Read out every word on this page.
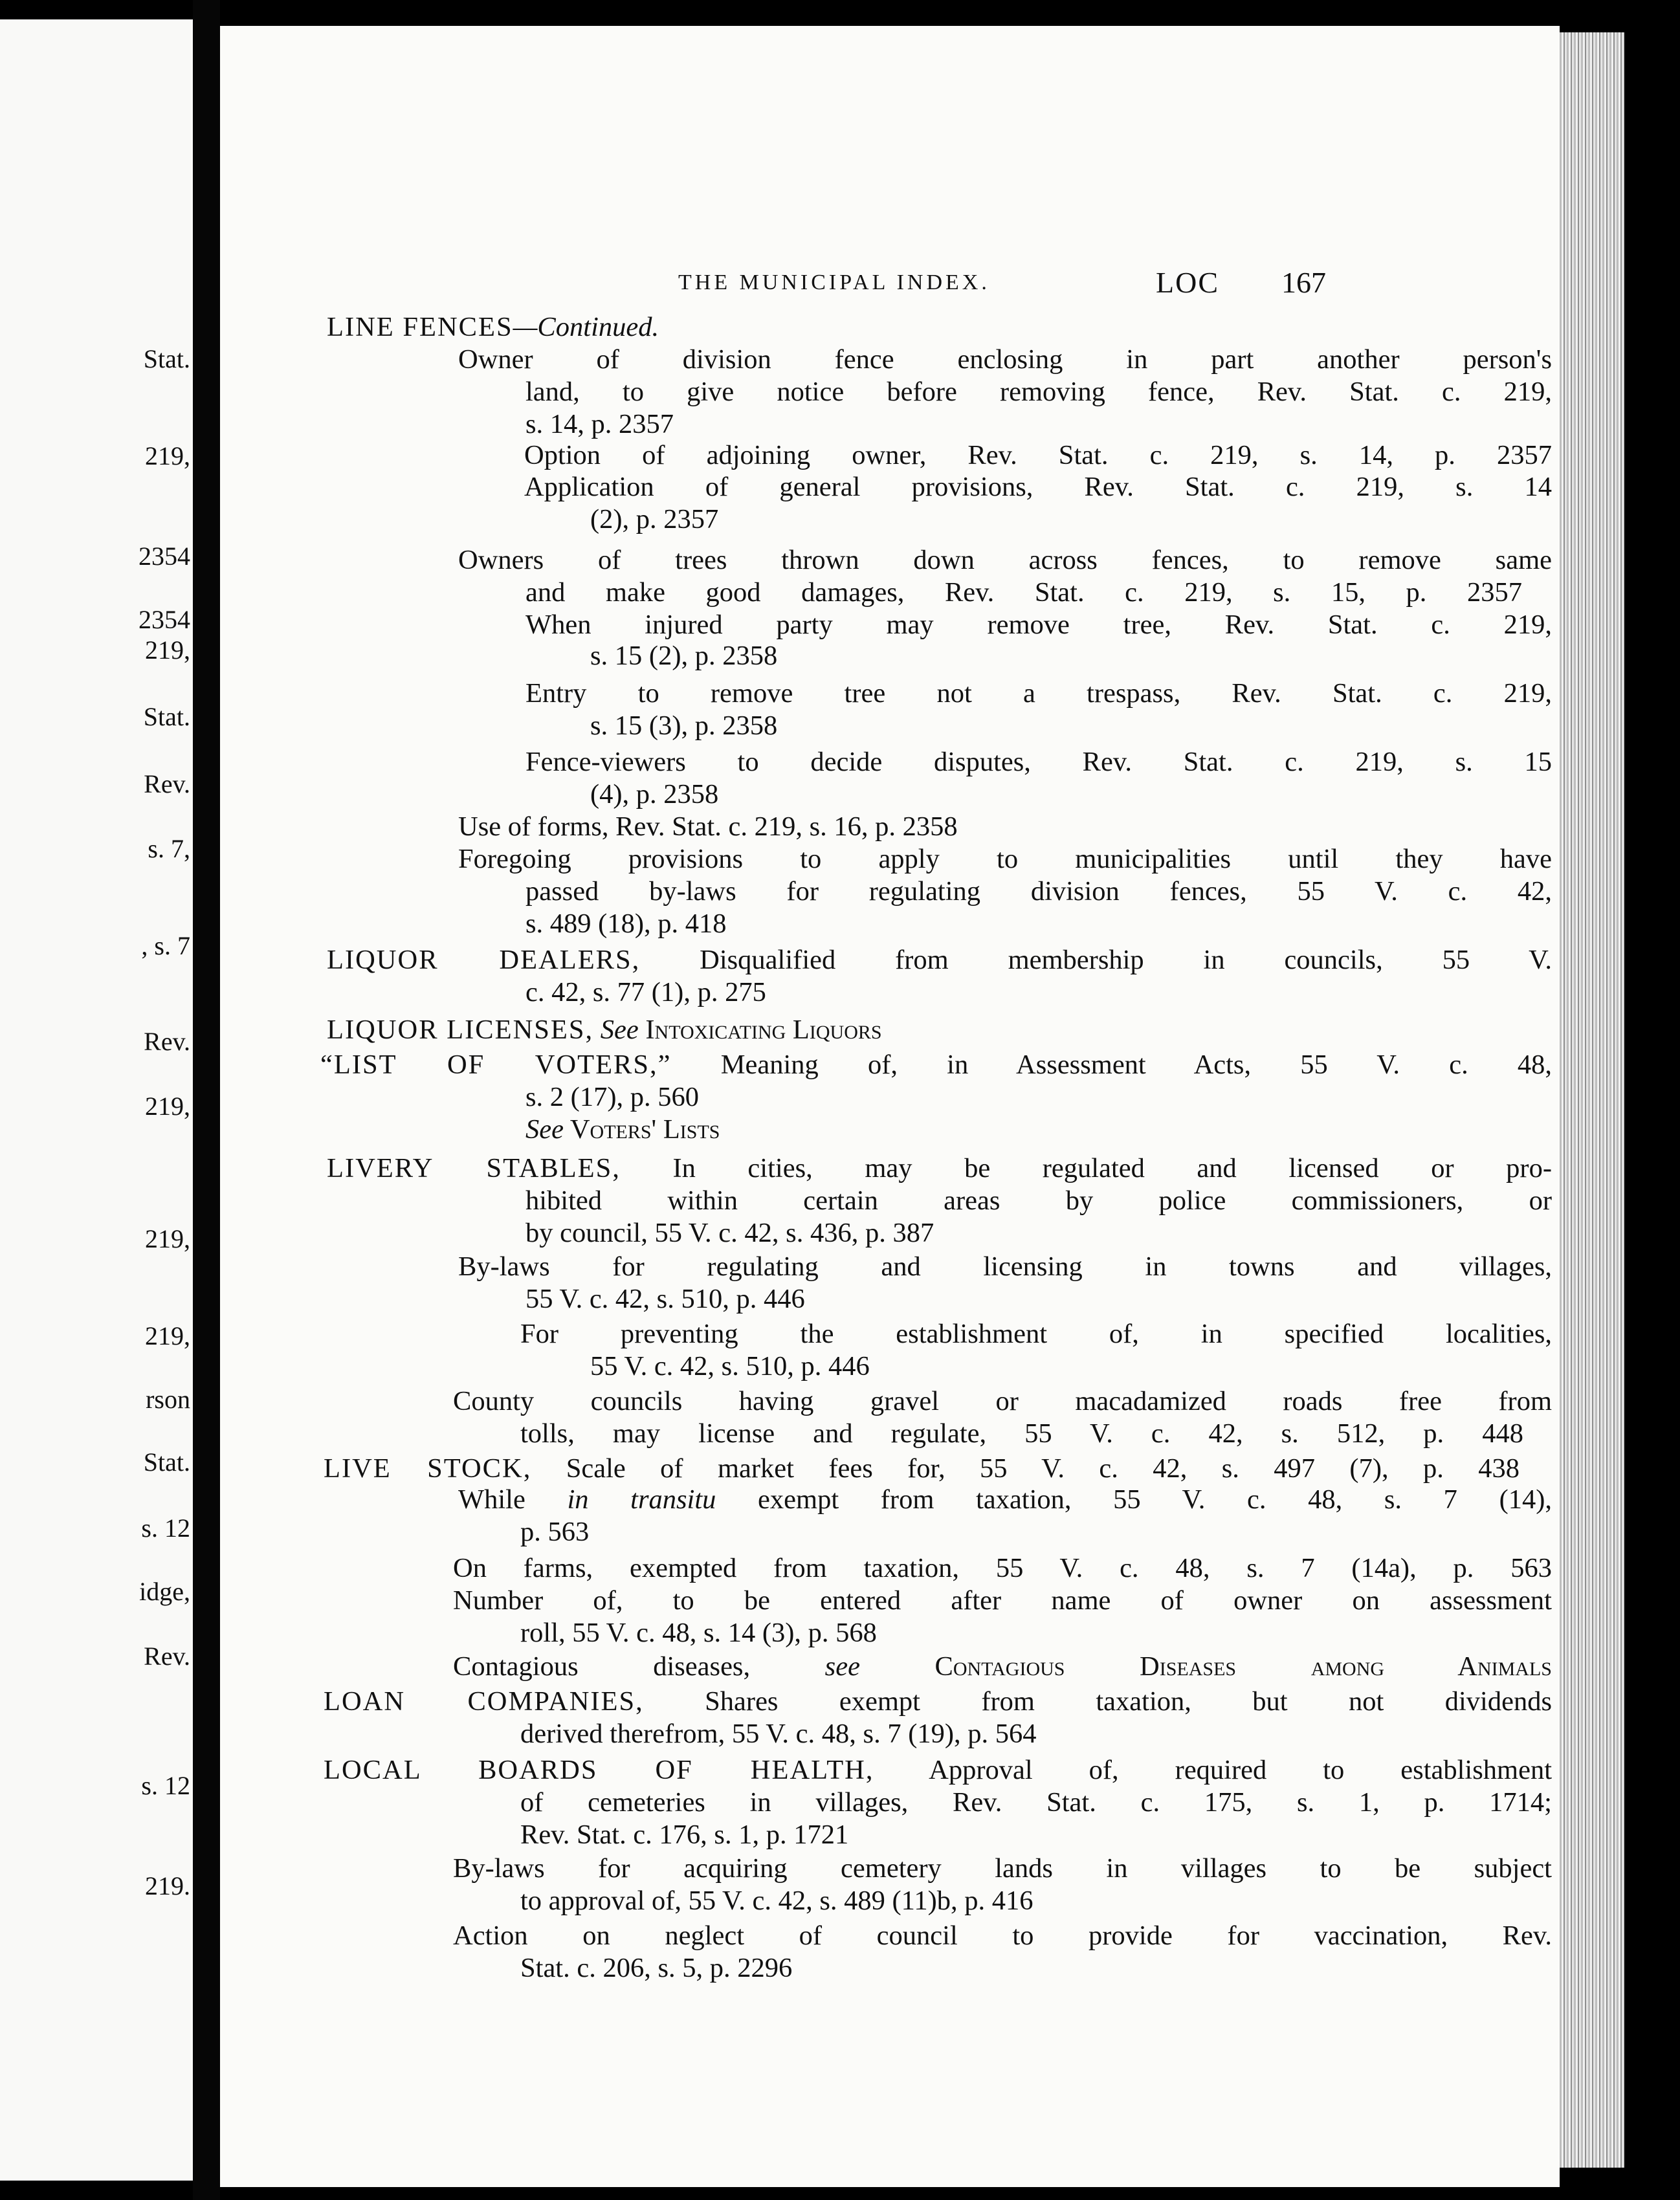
Stat.
219,
2354
2354
219,
Stat.
Rev.
s. 7,
, s. 7
Rev.
219,
219,
219,
rson
Stat.
s. 12
idge,
Rev.
s. 12
219.
THE MUNICIPAL INDEX.	LOC 167
LINE FENCES—Continued.
Owner of division fence enclosing in part another person's
land, to give notice before removing fence, Rev. Stat. c. 219,
s. 14, p. 2357
Option of adjoining owner, Rev. Stat. c. 219, s. 14, p. 2357
Application of general provisions, Rev. Stat. c. 219, s. 14
(2), p. 2357
Owners of trees thrown down across fences, to remove same
and make good damages, Rev. Stat. c. 219, s. 15, p. 2357
When injured party may remove tree, Rev. Stat. c. 219,
s. 15 (2), p. 2358
Entry to remove tree not a trespass, Rev. Stat. c. 219,
s. 15 (3), p. 2358
Fence-viewers to decide disputes, Rev. Stat. c. 219, s. 15
(4), p. 2358
Use of forms, Rev. Stat. c. 219, s. 16, p. 2358
Foregoing provisions to apply to municipalities until they have
passed by-laws for regulating division fences, 55 V. c. 42,
s. 489 (18), p. 418
LIQUOR DEALERS, Disqualified from membership in councils, 55 V.
c. 42, s. 77 (1), p. 275
LIQUOR LICENSES, See Intoxicating Liquors
“LIST OF VOTERS,” Meaning of, in Assessment Acts, 55 V. c. 48,
s. 2 (17), p. 560
See Voters' Lists
LIVERY STABLES, In cities, may be regulated and licensed or pro-
hibited within certain areas by police commissioners, or
by council, 55 V. c. 42, s. 436, p. 387
By-laws for regulating and licensing in towns and villages,
55 V. c. 42, s. 510, p. 446
For preventing the establishment of, in specified localities,
55 V. c. 42, s. 510, p. 446
County councils having gravel or macadamized roads free from
tolls, may license and regulate, 55 V. c. 42, s. 512, p. 448
LIVE STOCK, Scale of market fees for, 55 V. c. 42, s. 497 (7), p. 438
While in transitu exempt from taxation, 55 V. c. 48, s. 7 (14),
p. 563
On farms, exempted from taxation, 55 V. c. 48, s. 7 (14a), p. 563
Number of, to be entered after name of owner on assessment
roll, 55 V. c. 48, s. 14 (3), p. 568
Contagious diseases, see Contagious Diseases among Animals
LOAN COMPANIES, Shares exempt from taxation, but not dividends
derived therefrom, 55 V. c. 48, s. 7 (19), p. 564
LOCAL BOARDS OF HEALTH, Approval of, required to establishment
of cemeteries in villages, Rev. Stat. c. 175, s. 1, p. 1714;
Rev. Stat. c. 176, s. 1, p. 1721
By-laws for acquiring cemetery lands in villages to be subject
to approval of, 55 V. c. 42, s. 489 (11)b, p. 416
Action on neglect of council to provide for vaccination, Rev.
Stat. c. 206, s. 5, p. 2296
